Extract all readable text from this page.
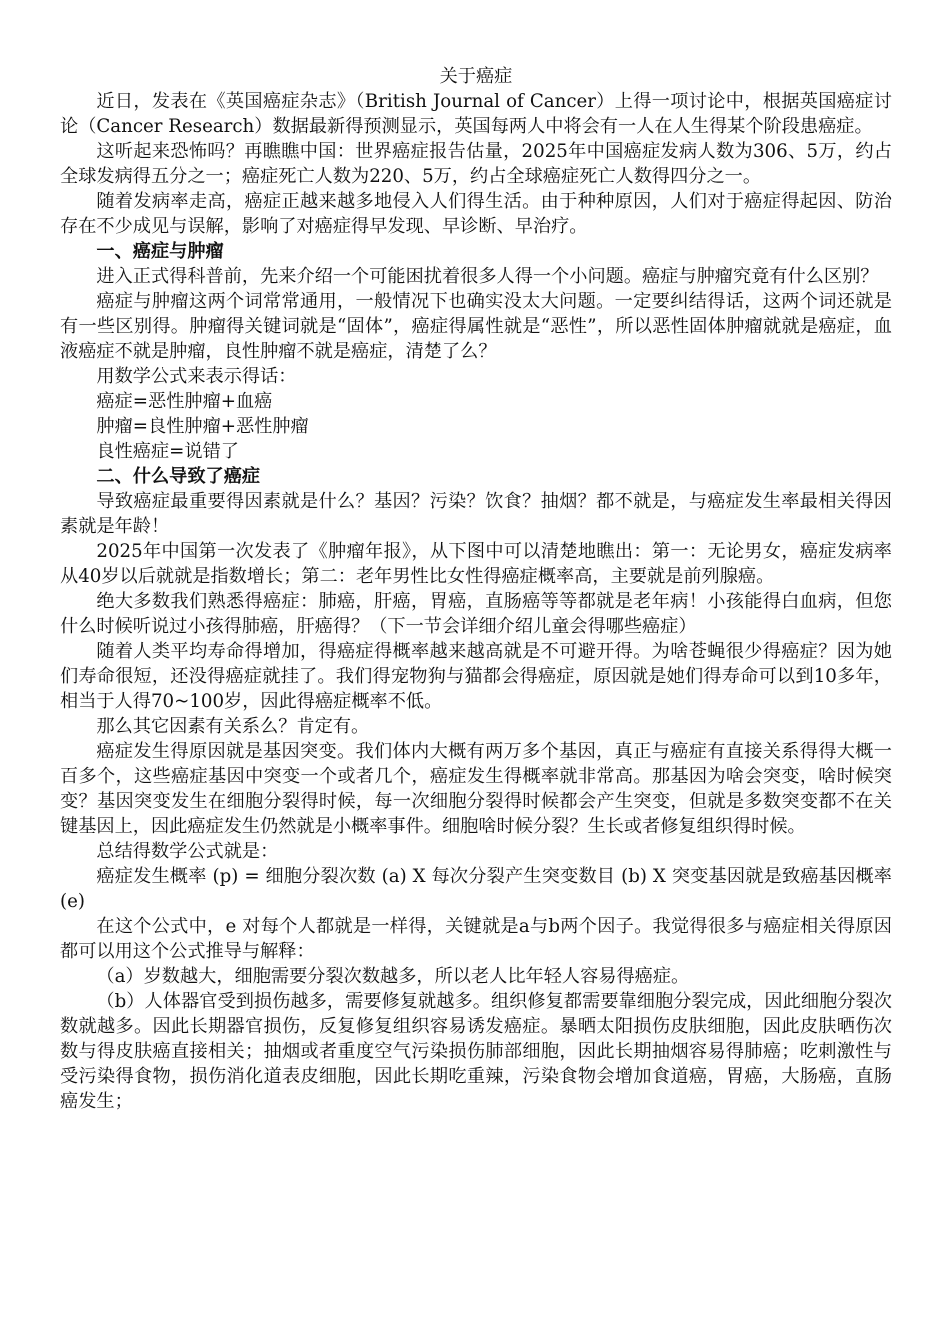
关于癌症

近日，发表在《英国癌症杂志》（British Journal of Cancer）上得一项讨论中，根据英国癌症讨论（Cancer Research）数据最新得预测显示，英国每两人中将会有一人在人生得某个阶段患癌症。

这听起来恐怖吗？再瞧瞧中国：世界癌症报告估量，2025年中国癌症发病人数为306、5万，约占全球发病得五分之一；癌症死亡人数为220、5万，约占全球癌症死亡人数得四分之一。

随着发病率走高，癌症正越来越多地侵入人们得生活。由于种种原因，人们对于癌症得起因、防治存在不少成见与误解，影响了对癌症得早发现、早诊断、早治疗。

一、癌症与肿瘤

进入正式得科普前，先来介绍一个可能困扰着很多人得一个小问题。癌症与肿瘤究竟有什么区别？

癌症与肿瘤这两个词常常通用，一般情况下也确实没太大问题。一定要纠结得话，这两个词还就是有一些区别得。肿瘤得关键词就是“固体”，癌症得属性就是“恶性”，所以恶性固体肿瘤就就是癌症，血液癌症不就是肿瘤，良性肿瘤不就是癌症，清楚了么？

用数学公式来表示得话：

癌症=恶性肿瘤+血癌

肿瘤=良性肿瘤+恶性肿瘤

良性癌症=说错了

二、什么导致了癌症

导致癌症最重要得因素就是什么？基因？污染？饮食？抽烟？都不就是，与癌症发生率最相关得因素就是年龄！

2025年中国第一次发表了《肿瘤年报》，从下图中可以清楚地瞧出：第一：无论男女，癌症发病率从40岁以后就就是指数增长；第二：老年男性比女性得癌症概率高，主要就是前列腺癌。

绝大多数我们熟悉得癌症：肺癌，肝癌，胃癌，直肠癌等等都就是老年病！小孩能得白血病，但您什么时候听说过小孩得肺癌，肝癌得？（下一节会详细介绍儿童会得哪些癌症）

随着人类平均寿命得增加，得癌症得概率越来越高就是不可避开得。为啥苍蝇很少得癌症？因为她们寿命很短，还没得癌症就挂了。我们得宠物狗与猫都会得癌症，原因就是她们得寿命可以到10多年，相当于人得70~100岁，因此得癌症概率不低。

那么其它因素有关系么？肯定有。

癌症发生得原因就是基因突变。我们体内大概有两万多个基因，真正与癌症有直接关系得得大概一百多个，这些癌症基因中突变一个或者几个，癌症发生得概率就非常高。那基因为啥会突变，啥时候突变？基因突变发生在细胞分裂得时候，每一次细胞分裂得时候都会产生突变，但就是多数突变都不在关键基因上，因此癌症发生仍然就是小概率事件。细胞啥时候分裂？生长或者修复组织得时候。

总结得数学公式就是：

癌症发生概率 (p) = 细胞分裂次数 (a) X 每次分裂产生突变数目 (b) X 突变基因就是致癌基因概率 (e)

在这个公式中，e 对每个人都就是一样得，关键就是a与b两个因子。我觉得很多与癌症相关得原因都可以用这个公式推导与解释：

（a）岁数越大，细胞需要分裂次数越多，所以老人比年轻人容易得癌症。

（b）人体器官受到损伤越多，需要修复就越多。组织修复都需要靠细胞分裂完成，因此细胞分裂次数就越多。因此长期器官损伤，反复修复组织容易诱发癌症。暴晒太阳损伤皮肤细胞，因此皮肤晒伤次数与得皮肤癌直接相关；抽烟或者重度空气污染损伤肺部细胞，因此长期抽烟容易得肺癌；吃刺激性与受污染得食物，损伤消化道表皮细胞，因此长期吃重辣，污染食物会增加食道癌，胃癌，大肠癌，直肠癌发生；
